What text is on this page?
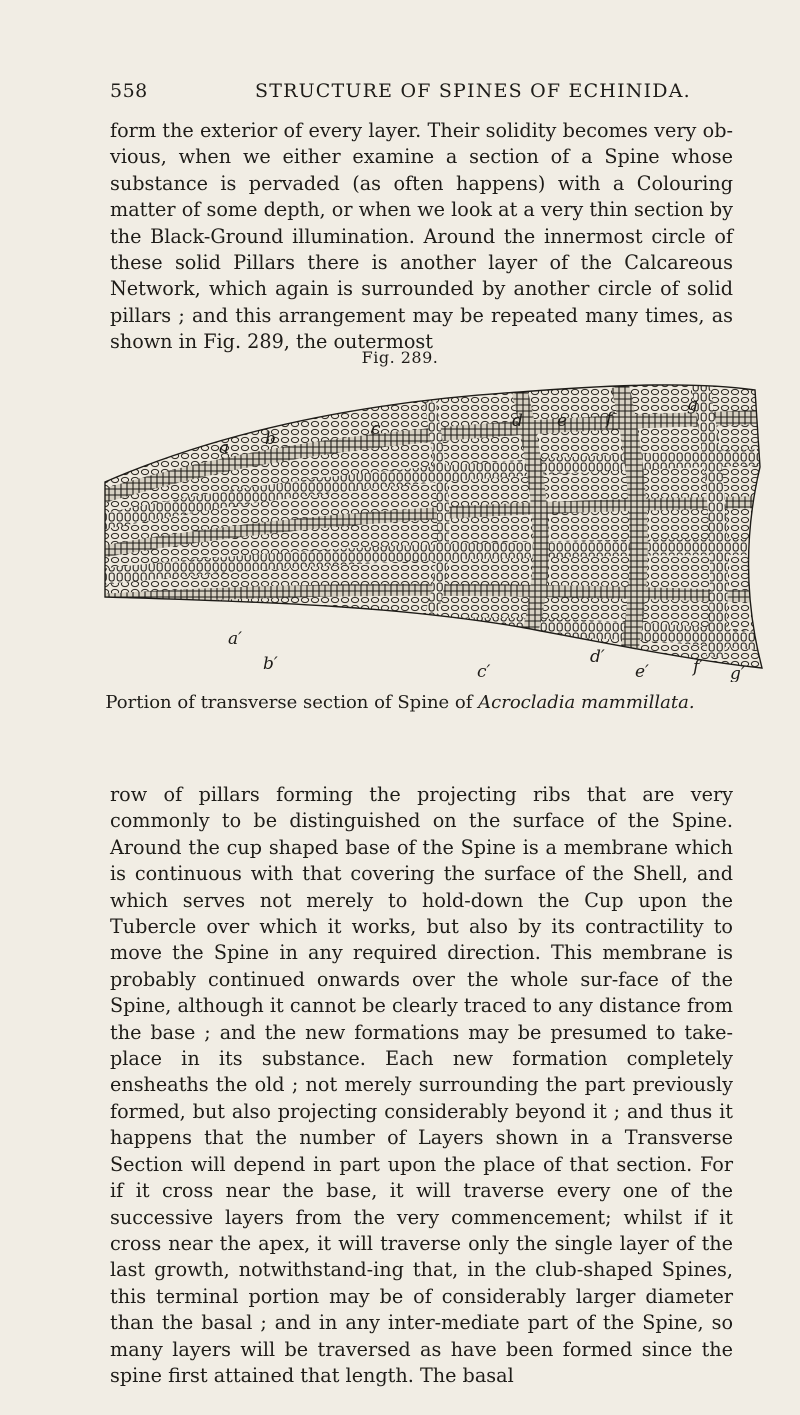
558	STRUCTURE OF SPINES OF ECHINIDA.

form the exterior of every layer. Their solidity becomes very ob-vious, when we either examine a section of a Spine whose substance is pervaded (as often happens) with a Colouring matter of some depth, or when we look at a very thin section by the Black-Ground illumination. Around the innermost circle of these solid Pillars there is another layer of the Calcareous Network, which again is surrounded by another circle of solid pillars ; and this arrangement may be repeated many times, as shown in Fig. 289, the outermost

Fig. 289.
a b	c	d e f
g
a′
b′	c′
d′
e′	f′ g′
Portion of transverse section of Spine of Acrocladia mammillata.

row of pillars forming the projecting ribs that are very commonly to be distinguished on the surface of the Spine. Around the cup shaped base of the Spine is a membrane which is continuous with that covering the surface of the Shell, and which serves not merely to hold-down the Cup upon the Tubercle over which it works, but also by its contractility to move the Spine in any required direction. This membrane is probably continued onwards over the whole sur-face of the Spine, although it cannot be clearly traced to any distance from the base ; and the new formations may be presumed to take-place in its substance. Each new formation completely ensheaths the old ; not merely surrounding the part previously formed, but also projecting considerably beyond it ; and thus it happens that the number of Layers shown in a Transverse Section will depend in part upon the place of that section. For if it cross near the base, it will traverse every one of the successive layers from the very commencement; whilst if it cross near the apex, it will traverse only the single layer of the last growth, notwithstand-ing that, in the club-shaped Spines, this terminal portion may be of considerably larger diameter than the basal ; and in any inter-mediate part of the Spine, so many layers will be traversed as have been formed since the spine first attained that length. The basal
